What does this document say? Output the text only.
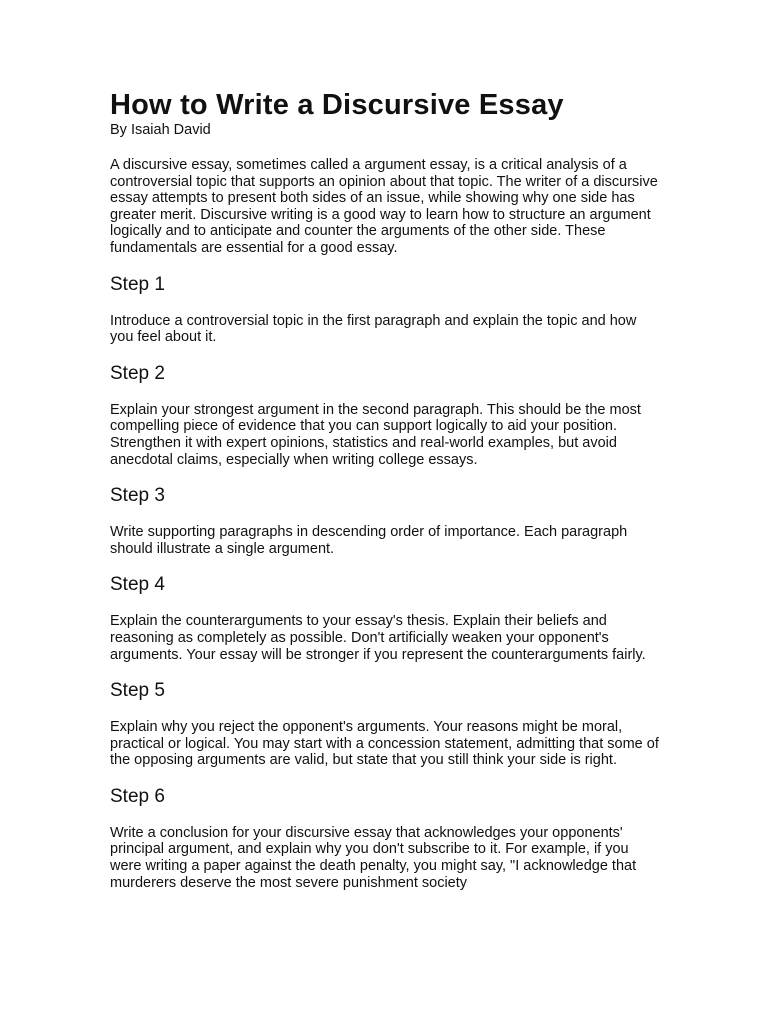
How to Write a Discursive Essay

By Isaiah David

A discursive essay, sometimes called a argument essay, is a critical analysis of a controversial topic that supports an opinion about that topic. The writer of a discursive essay attempts to present both sides of an issue, while showing why one side has greater merit. Discursive writing is a good way to learn how to structure an argument logically and to anticipate and counter the arguments of the other side. These fundamentals are essential for a good essay.

Step 1

Introduce a controversial topic in the first paragraph and explain the topic and how you feel about it.

Step 2

Explain your strongest argument in the second paragraph. This should be the most compelling piece of evidence that you can support logically to aid your position. Strengthen it with expert opinions, statistics and real-world examples, but avoid anecdotal claims, especially when writing college essays.

Step 3

Write supporting paragraphs in descending order of importance. Each paragraph should illustrate a single argument.

Step 4

Explain the counterarguments to your essay's thesis. Explain their beliefs and reasoning as completely as possible. Don't artificially weaken your opponent's arguments. Your essay will be stronger if you represent the counterarguments fairly.

Step 5

Explain why you reject the opponent's arguments. Your reasons might be moral, practical or logical. You may start with a concession statement, admitting that some of the opposing arguments are valid, but state that you still think your side is right.

Step 6

Write a conclusion for your discursive essay that acknowledges your opponents' principal argument, and explain why you don't subscribe to it. For example, if you were writing a paper against the death penalty, you might say, "I acknowledge that murderers deserve the most severe punishment society
